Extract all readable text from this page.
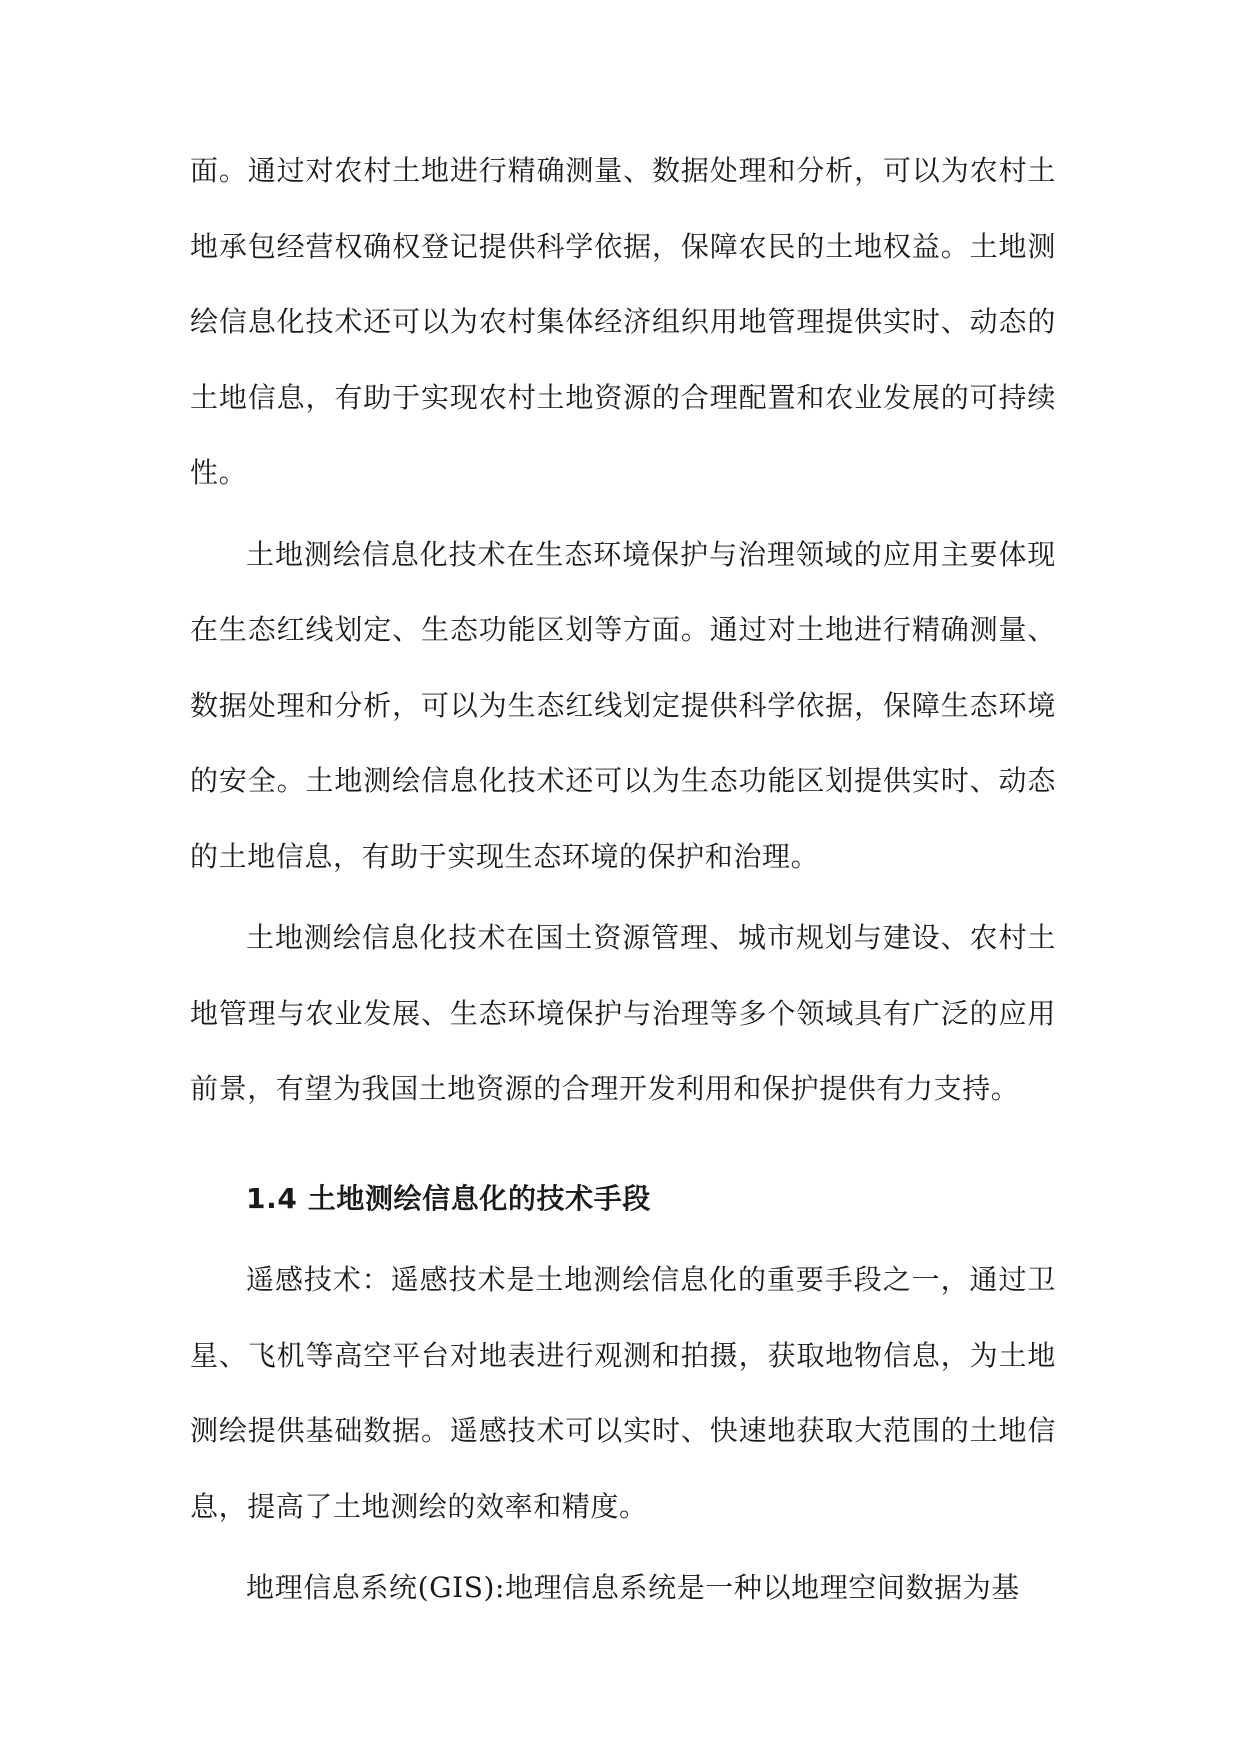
面。通过对农村土地进行精确测量、数据处理和分析，可以为农村土地承包经营权确权登记提供科学依据，保障农民的土地权益。土地测绘信息化技术还可以为农村集体经济组织用地管理提供实时、动态的土地信息，有助于实现农村土地资源的合理配置和农业发展的可持续性。

土地测绘信息化技术在生态环境保护与治理领域的应用主要体现在生态红线划定、生态功能区划等方面。通过对土地进行精确测量、数据处理和分析，可以为生态红线划定提供科学依据，保障生态环境的安全。土地测绘信息化技术还可以为生态功能区划提供实时、动态的土地信息，有助于实现生态环境的保护和治理。

土地测绘信息化技术在国土资源管理、城市规划与建设、农村土地管理与农业发展、生态环境保护与治理等多个领域具有广泛的应用前景，有望为我国土地资源的合理开发利用和保护提供有力支持。

1.4 土地测绘信息化的技术手段

遥感技术：遥感技术是土地测绘信息化的重要手段之一，通过卫星、飞机等高空平台对地表进行观测和拍摄，获取地物信息，为土地测绘提供基础数据。遥感技术可以实时、快速地获取大范围的土地信息，提高了土地测绘的效率和精度。

地理信息系统(GIS):地理信息系统是一种以地理空间数据为基
